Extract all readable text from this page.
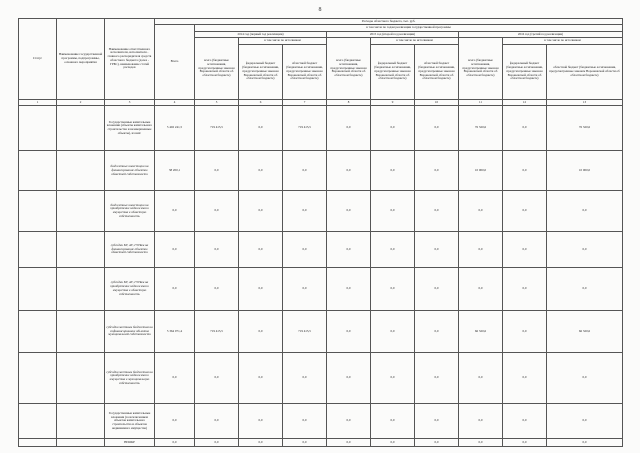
8
Статус	Наименование государственной программы, подпрограммы, основного мероприятия	Наименование ответственного исполнителя, исполнителя - главного распорядителя средств областного бюджета (далее - ГРБС), наименование статей расходов	Расходы областного бюджета, тыс. руб.									
			Всего	в том числе по годам реализации государственной программы								
				2014 год (первый год реализации)			2015 год (второй год реализации)			2016 год (третий год реализации)		
				всего (бюджетные ассигнования, предусмотренные законом Воронежской области об областном бюджете)	в том числе по источникам		всего (бюджетные ассигнования, предусмотренные законом Воронежской области об областном бюджете)	в том числе по источникам		всего (бюджетные ассигнования, предусмотренные законом Воронежской области об областном бюджете)	в том числе по источникам	
					федеральный бюджет (бюджетные ассигнования, предусмотренные законом Воронежской области об областном бюджете)	областной бюджет (бюджетные ассигнования, предусмотренные законом Воронежской области об областном бюджете)		федеральный бюджет (бюджетные ассигнования, предусмотренные законом Воронежской области об областном бюджете)	областной бюджет (бюджетные ассигнования, предусмотренные законом Воронежской области об областном бюджете)		федеральный бюджет (бюджетные ассигнования, предусмотренные законом Воронежской области об областном бюджете)	областной бюджет (бюджетные ассигнования, предусмотренные законом Воронежской области об областном бюджете)
1	2	3	4	5	6	7	8	9	10	11	12	13
		Государственные капитальные вложения (объекты капитального строительства и незавершенные объекты), из них:	5 402 241,5	719 415,5	0,0	719 415,5	0,0	0,0	0,0	76 320,6	0,0	76 320,6
		бюджетные инвестиции на финансирование объектов областной собственности	38 200,1	0,0	0,0	0,0	0,0	0,0	0,0	10 000,0	0,0	10 000,0
		бюджетные инвестиции на приобретение недвижимого имущества в областную собственность	0,0	0,0	0,0	0,0	0,0	0,0	0,0	0,0	0,0	0,0
		субсидии БУ, АУ, ГУПам на финансирование объектов областной собственности	0,0	0,0	0,0	0,0	0,0	0,0	0,0	0,0	0,0	0,0
		субсидии БУ, АУ, ГУПам на приобретение недвижимого имущества в областную собственность	0,0	0,0	0,0	0,0	0,0	0,0	0,0	0,0	0,0	0,0
		субсидии местным бюджетам на софинансирование объектов муниципальной собственности	5 364 071,4	719 415,5	0,0	719 415,5	0,0	0,0	0,0	66 320,6	0,0	66 320,6
		субсидии местным бюджетам на приобретение недвижимого имущества в муниципальную собственность	0,0	0,0	0,0	0,0	0,0	0,0	0,0	0,0	0,0	0,0
		Государственные капитальные вложения (за исключением объектов капитального строительства и объектов недвижимого имущества)	0,0	0,0	0,0	0,0	0,0	0,0	0,0	0,0	0,0	0,0
		НИОКР	0,0	0,0	0,0	0,0	0,0	0,0	0,0	0,0	0,0	0,0
